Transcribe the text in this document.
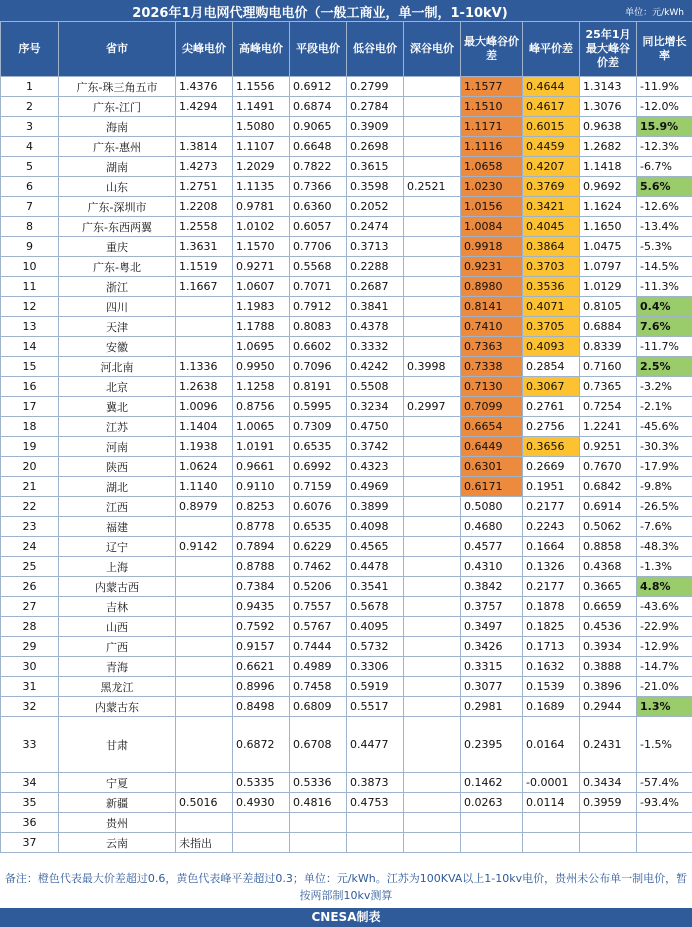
2026年1月电网代理购电电价（一般工商业，单一制，1-10kV)	单位：元/kWh
序号	省市	尖峰电价	高峰电价	平段电价	低谷电价	深谷电价	最大峰谷价差	峰平价差	25年1月最大峰谷价差	同比增长率
1	广东-珠三角五市	1.4376	1.1556	0.6912	0.2799		1.1577	0.4644	1.3143	-11.9%
2	广东-江门	1.4294	1.1491	0.6874	0.2784		1.1510	0.4617	1.3076	-12.0%
3	海南		1.5080	0.9065	0.3909		1.1171	0.6015	0.9638	15.9%
4	广东-惠州	1.3814	1.1107	0.6648	0.2698		1.1116	0.4459	1.2682	-12.3%
5	湖南	1.4273	1.2029	0.7822	0.3615		1.0658	0.4207	1.1418	-6.7%
6	山东	1.2751	1.1135	0.7366	0.3598	0.2521	1.0230	0.3769	0.9692	5.6%
7	广东-深圳市	1.2208	0.9781	0.6360	0.2052		1.0156	0.3421	1.1624	-12.6%
8	广东-东西两翼	1.2558	1.0102	0.6057	0.2474		1.0084	0.4045	1.1650	-13.4%
9	重庆	1.3631	1.1570	0.7706	0.3713		0.9918	0.3864	1.0475	-5.3%
10	广东-粤北	1.1519	0.9271	0.5568	0.2288		0.9231	0.3703	1.0797	-14.5%
11	浙江	1.1667	1.0607	0.7071	0.2687		0.8980	0.3536	1.0129	-11.3%
12	四川		1.1983	0.7912	0.3841		0.8141	0.4071	0.8105	0.4%
13	天津		1.1788	0.8083	0.4378		0.7410	0.3705	0.6884	7.6%
14	安徽		1.0695	0.6602	0.3332		0.7363	0.4093	0.8339	-11.7%
15	河北南	1.1336	0.9950	0.7096	0.4242	0.3998	0.7338	0.2854	0.7160	2.5%
16	北京	1.2638	1.1258	0.8191	0.5508		0.7130	0.3067	0.7365	-3.2%
17	冀北	1.0096	0.8756	0.5995	0.3234	0.2997	0.7099	0.2761	0.7254	-2.1%
18	江苏	1.1404	1.0065	0.7309	0.4750		0.6654	0.2756	1.2241	-45.6%
19	河南	1.1938	1.0191	0.6535	0.3742		0.6449	0.3656	0.9251	-30.3%
20	陕西	1.0624	0.9661	0.6992	0.4323		0.6301	0.2669	0.7670	-17.9%
21	湖北	1.1140	0.9110	0.7159	0.4969		0.6171	0.1951	0.6842	-9.8%
22	江西	0.8979	0.8253	0.6076	0.3899		0.5080	0.2177	0.6914	-26.5%
23	福建		0.8778	0.6535	0.4098		0.4680	0.2243	0.5062	-7.6%
24	辽宁	0.9142	0.7894	0.6229	0.4565		0.4577	0.1664	0.8858	-48.3%
25	上海		0.8788	0.7462	0.4478		0.4310	0.1326	0.4368	-1.3%
26	内蒙古西		0.7384	0.5206	0.3541		0.3842	0.2177	0.3665	4.8%
27	吉林		0.9435	0.7557	0.5678		0.3757	0.1878	0.6659	-43.6%
28	山西		0.7592	0.5767	0.4095		0.3497	0.1825	0.4536	-22.9%
29	广西		0.9157	0.7444	0.5732		0.3426	0.1713	0.3934	-12.9%
30	青海		0.6621	0.4989	0.3306		0.3315	0.1632	0.3888	-14.7%
31	黑龙江		0.8996	0.7458	0.5919		0.3077	0.1539	0.3896	-21.0%
32	内蒙古东		0.8498	0.6809	0.5517		0.2981	0.1689	0.2944	1.3%
33	甘肃		0.6872	0.6708	0.4477		0.2395	0.0164	0.2431	-1.5%
34	宁夏		0.5335	0.5336	0.3873		0.1462	-0.0001	0.3434	-57.4%
35	新疆	0.5016	0.4930	0.4816	0.4753		0.0263	0.0114	0.3959	-93.4%
36	贵州									
37	云南	未指出								
备注：橙色代表最大价差超过0.6，黄色代表峰平差超过0.3；单位：元/kWh。江苏为100KVA以上1-10kv电价，贵州未公布单一制电价，暂按两部制10kv测算
CNESA制表
